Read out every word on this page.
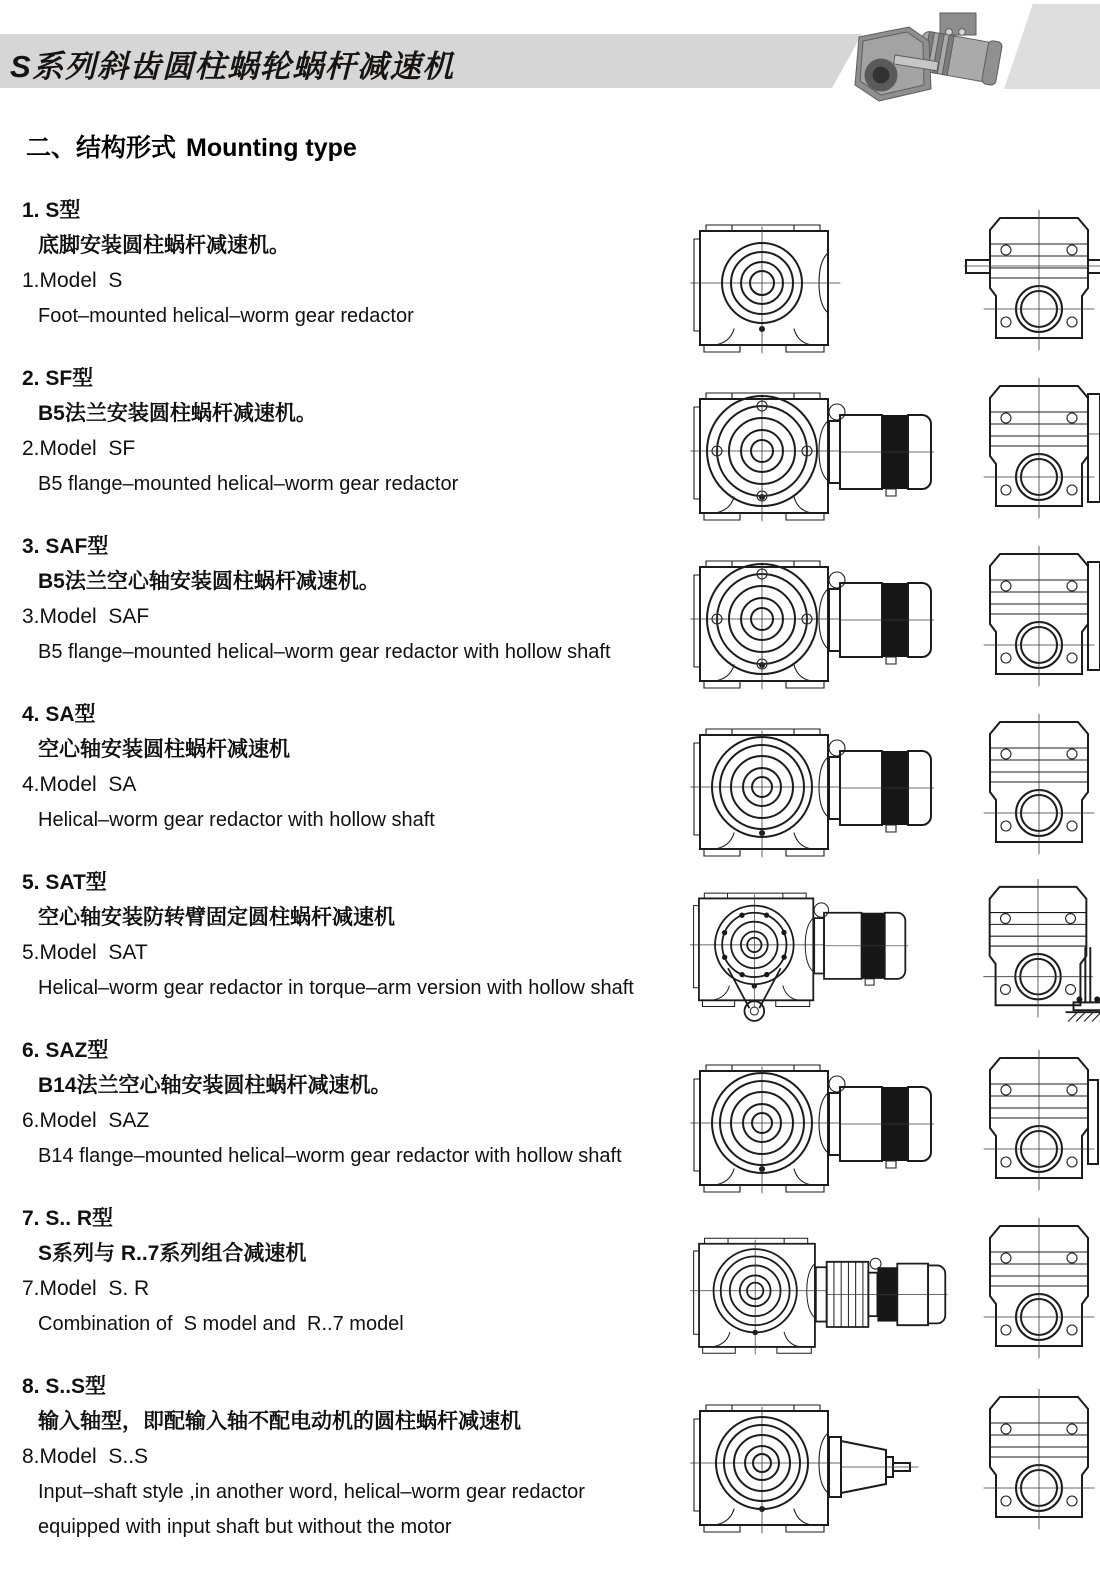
S系列斜齿圆柱蜗轮蜗杆减速机
二、结构形式 Mounting type
1. S型
底脚安装圆柱蜗杆减速机。
1.Model  S
Foot–mounted helical–worm gear redactor
2. SF型
B5法兰安装圆柱蜗杆减速机。
2.Model  SF
B5 flange–mounted helical–worm gear redactor
3. SAF型
B5法兰空心轴安装圆柱蜗杆减速机。
3.Model  SAF
B5 flange–mounted helical–worm gear redactor with hollow shaft
4. SA型
空心轴安装圆柱蜗杆减速机
4.Model  SA
Helical–worm gear redactor with hollow shaft
5. SAT型
空心轴安装防转臂固定圆柱蜗杆减速机
5.Model  SAT
Helical–worm gear redactor in torque–arm version with hollow shaft
6. SAZ型
B14法兰空心轴安装圆柱蜗杆减速机。
6.Model  SAZ
B14 flange–mounted helical–worm gear redactor with hollow shaft
7. S.. R型
S系列与 R..7系列组合减速机
7.Model  S. R
Combination of  S model and  R..7 model
8. S..S型
输入轴型，即配输入轴不配电动机的圆柱蜗杆减速机
8.Model  S..S
Input–shaft style ,in another word, helical–worm gear redactor
equipped with input shaft but without the motor
